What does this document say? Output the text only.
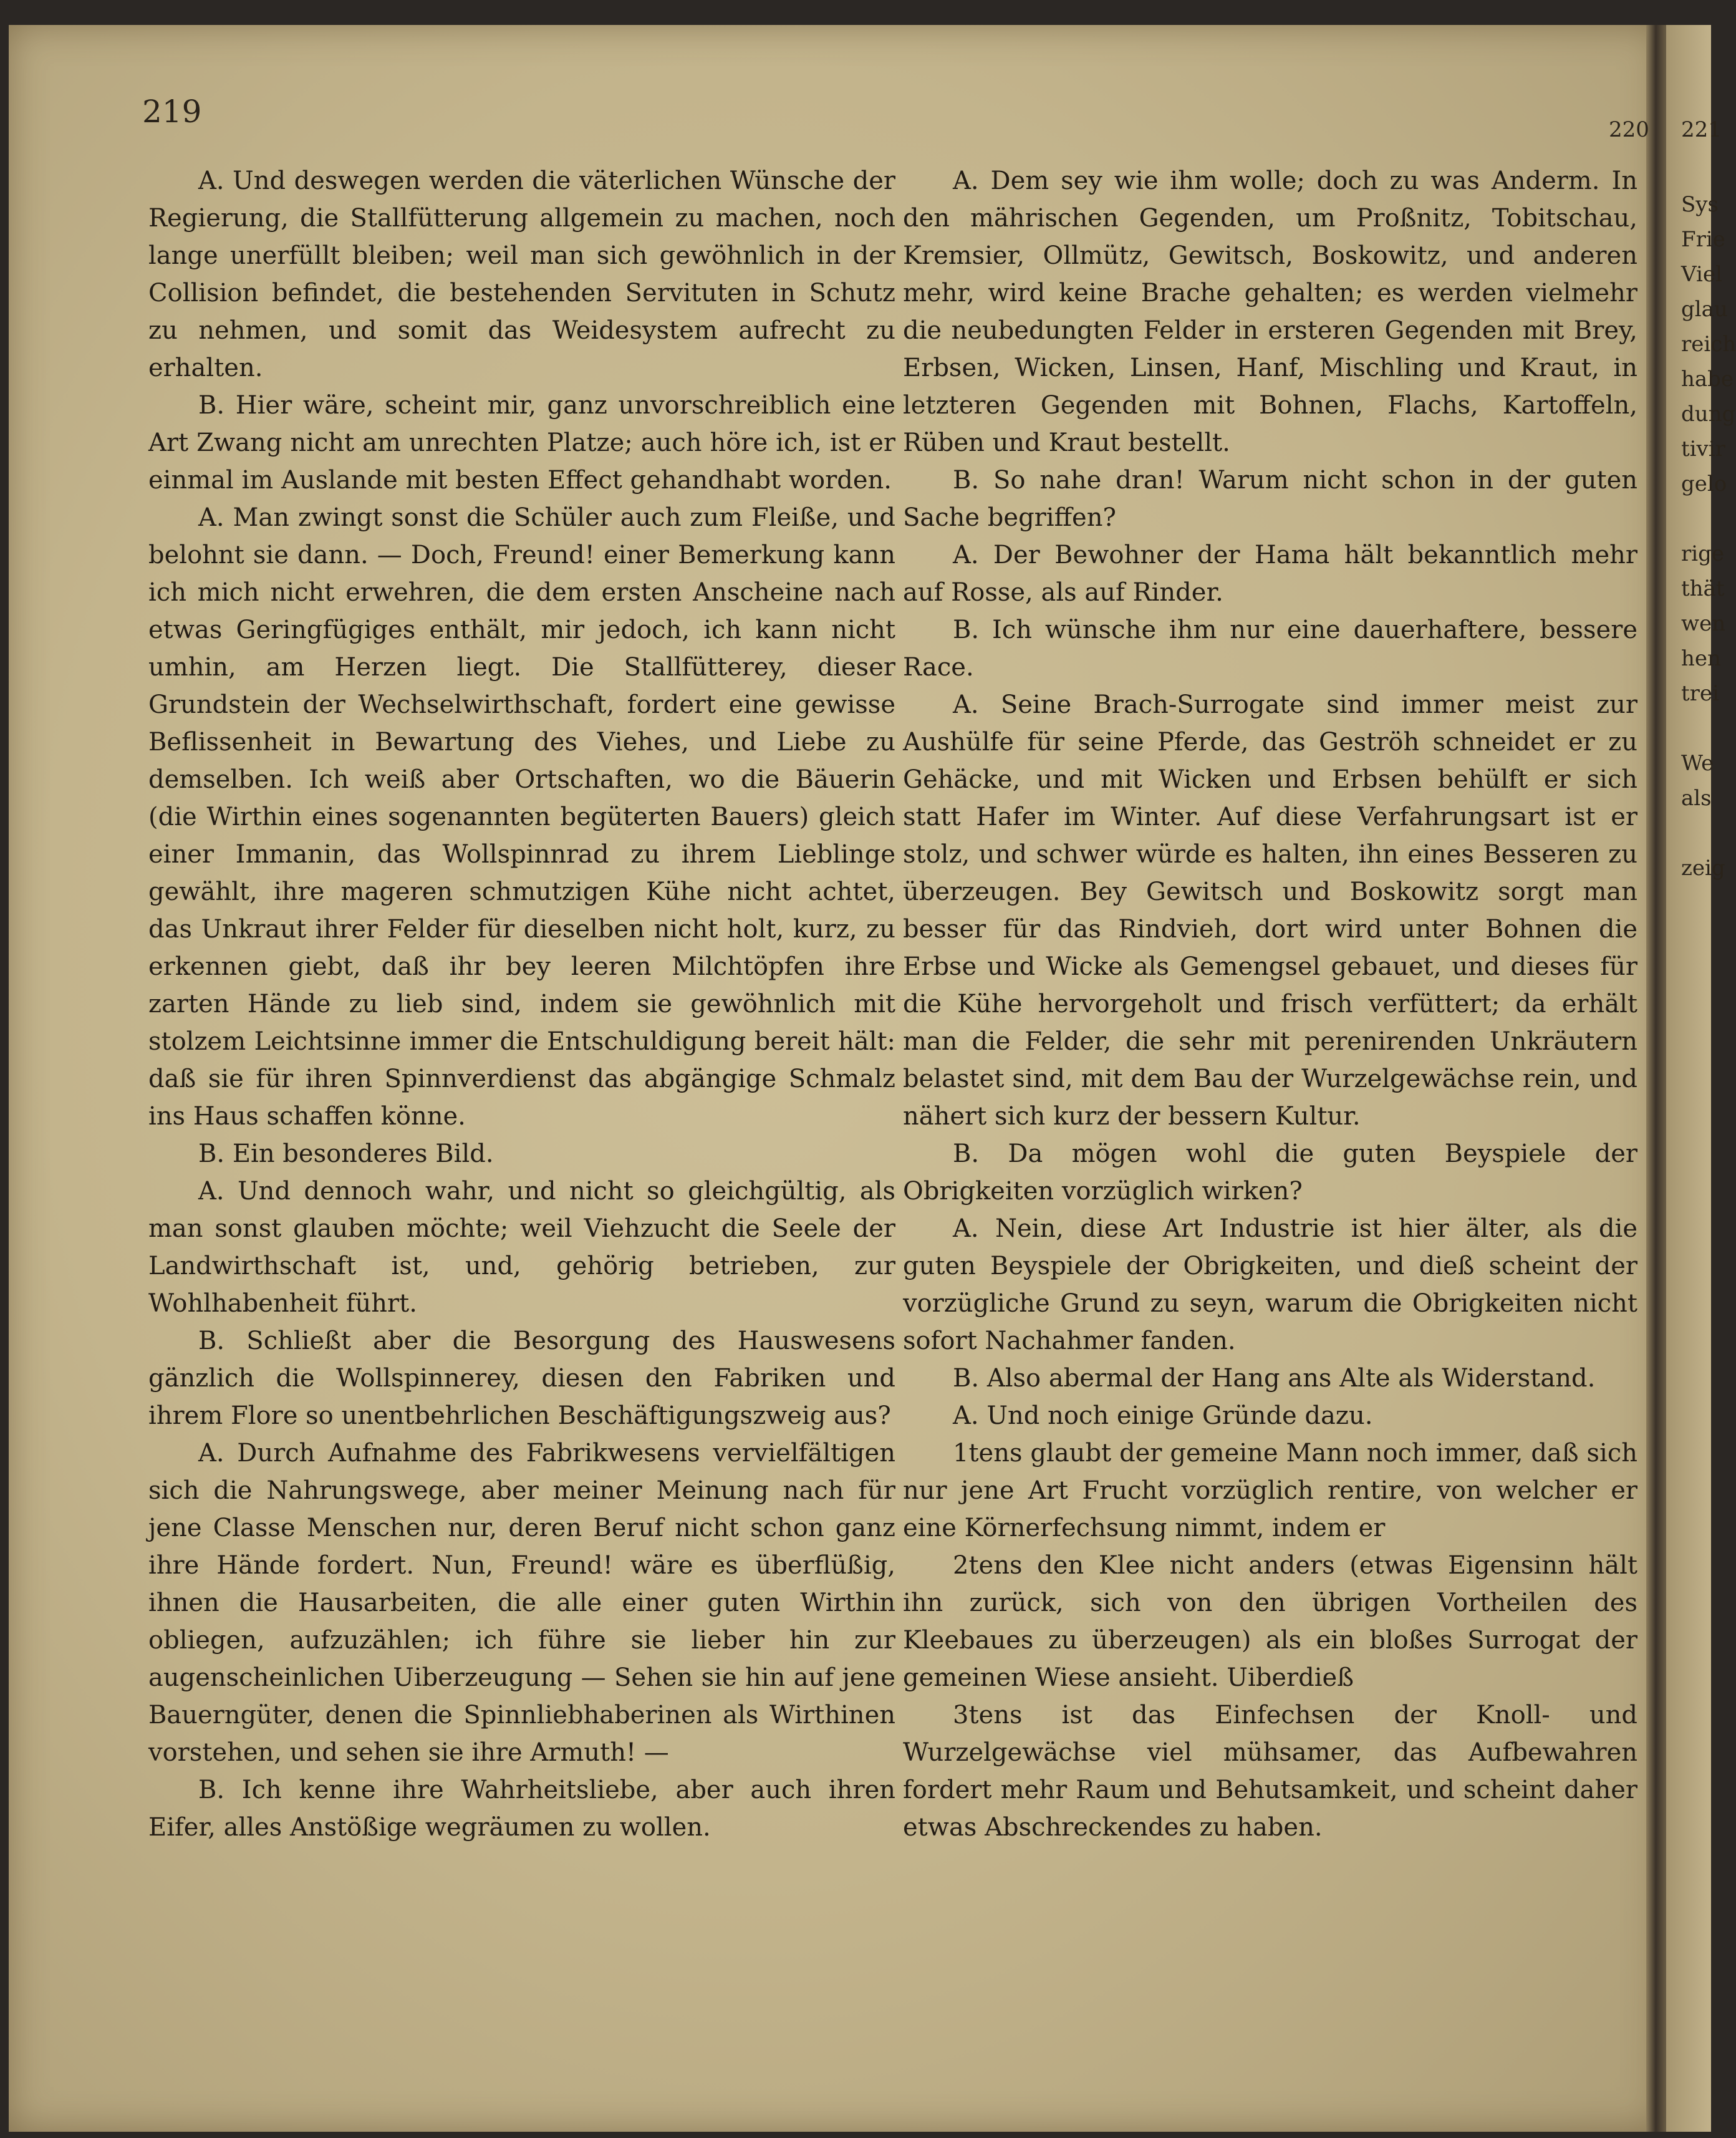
219	220 221

A. Und deswegen werden die väterlichen Wünsche der Regierung, die Stallfütterung allgemein zu machen, noch lange unerfüllt bleiben; weil man sich gewöhnlich in der Collision befindet, die bestehenden Servituten in Schutz zu nehmen, und somit das Weidesystem aufrecht zu erhalten.

B. Hier wäre, scheint mir, ganz unvorschreiblich eine Art Zwang nicht am unrechten Platze; auch höre ich, ist er einmal im Auslande mit besten Effect gehandhabt worden.

A. Man zwingt sonst die Schüler auch zum Fleiße, und belohnt sie dann. — Doch, Freund! einer Bemerkung kann ich mich nicht erwehren, die dem ersten Anscheine nach etwas Geringfügiges enthält, mir jedoch, ich kann nicht umhin, am Herzen liegt. Die Stallfütterey, dieser Grundstein der Wechselwirthschaft, fordert eine gewisse Beflissenheit in Bewartung des Viehes, und Liebe zu demselben. Ich weiß aber Ortschaften, wo die Bäuerin (die Wirthin eines sogenannten begüterten Bauers) gleich einer Immanin, das Wollspinnrad zu ihrem Lieblinge gewählt, ihre mageren schmutzigen Kühe nicht achtet, das Unkraut ihrer Felder für dieselben nicht holt, kurz, zu erkennen giebt, daß ihr bey leeren Milchtöpfen ihre zarten Hände zu lieb sind, indem sie gewöhnlich mit stolzem Leichtsinne immer die Entschuldigung bereit hält: daß sie für ihren Spinnverdienst das abgängige Schmalz ins Haus schaffen könne.

B. Ein besonderes Bild.

A. Und dennoch wahr, und nicht so gleichgültig, als man sonst glauben möchte; weil Viehzucht die Seele der Landwirthschaft ist, und, gehörig betrieben, zur Wohlhabenheit führt.

B. Schließt aber die Besorgung des Hauswesens gänzlich die Wollspinnerey, diesen den Fabriken und ihrem Flore so unentbehrlichen Beschäftigungszweig aus?

A. Durch Aufnahme des Fabrikwesens vervielfältigen sich die Nahrungswege, aber meiner Meinung nach für jene Classe Menschen nur, deren Beruf nicht schon ganz ihre Hände fordert. Nun, Freund! wäre es überflüßig, ihnen die Hausarbeiten, die alle einer guten Wirthin obliegen, aufzuzählen; ich führe sie lieber hin zur augenscheinlichen Uiberzeugung — Sehen sie hin auf jene Bauerngüter, denen die Spinnliebhaberinen als Wirthinen vorstehen, und sehen sie ihre Armuth! —

B. Ich kenne ihre Wahrheitsliebe, aber auch ihren Eifer, alles Anstößige wegräumen zu wollen.

A. Dem sey wie ihm wolle; doch zu was Anderm. In den mährischen Gegenden, um Proßnitz, Tobitschau, Kremsier, Ollmütz, Gewitsch, Boskowitz, und anderen mehr, wird keine Brache gehalten; es werden vielmehr die neubedungten Felder in ersteren Gegenden mit Brey, Erbsen, Wicken, Linsen, Hanf, Mischling und Kraut, in letzteren Gegenden mit Bohnen, Flachs, Kartoffeln, Rüben und Kraut bestellt.

B. So nahe dran! Warum nicht schon in der guten Sache begriffen?

A. Der Bewohner der Hama hält bekanntlich mehr auf Rosse, als auf Rinder.

B. Ich wünsche ihm nur eine dauerhaftere, bessere Race.

A. Seine Brach-Surrogate sind immer meist zur Aushülfe für seine Pferde, das Geströh schneidet er zu Gehäcke, und mit Wicken und Erbsen behülft er sich statt Hafer im Winter. Auf diese Verfahrungsart ist er stolz, und schwer würde es halten, ihn eines Besseren zu überzeugen. Bey Gewitsch und Boskowitz sorgt man besser für das Rindvieh, dort wird unter Bohnen die Erbse und Wicke als Gemengsel gebauet, und dieses für die Kühe hervorgeholt und frisch verfüttert; da erhält man die Felder, die sehr mit perenirenden Unkräutern belastet sind, mit dem Bau der Wurzelgewächse rein, und nähert sich kurz der bessern Kultur.

B. Da mögen wohl die guten Beyspiele der Obrigkeiten vorzüglich wirken?

A. Nein, diese Art Industrie ist hier älter, als die guten Beyspiele der Obrigkeiten, und dieß scheint der vorzügliche Grund zu seyn, warum die Obrigkeiten nicht sofort Nachahmer fanden.

B. Also abermal der Hang ans Alte als Widerstand.

A. Und noch einige Gründe dazu.

1tens glaubt der gemeine Mann noch immer, daß sich nur jene Art Frucht vorzüglich rentire, von welcher er eine Körnerfechsung nimmt, indem er

2tens den Klee nicht anders (etwas Eigensinn hält ihn zurück, sich von den übrigen Vortheilen des Kleebaues zu überzeugen) als ein bloßes Surrogat der gemeinen Wiese ansieht. Uiberdieß

3tens ist das Einfechsen der Knoll- und Wurzelgewächse viel mühsamer, das Aufbewahren fordert mehr Raum und Behutsamkeit, und scheint daher etwas Abschreckendes zu haben.

Sys
Frie
Viel
glau
reich
habe
dung
tivir
gelo
rige
thät
wen
hen
trei
We
als
zeig
